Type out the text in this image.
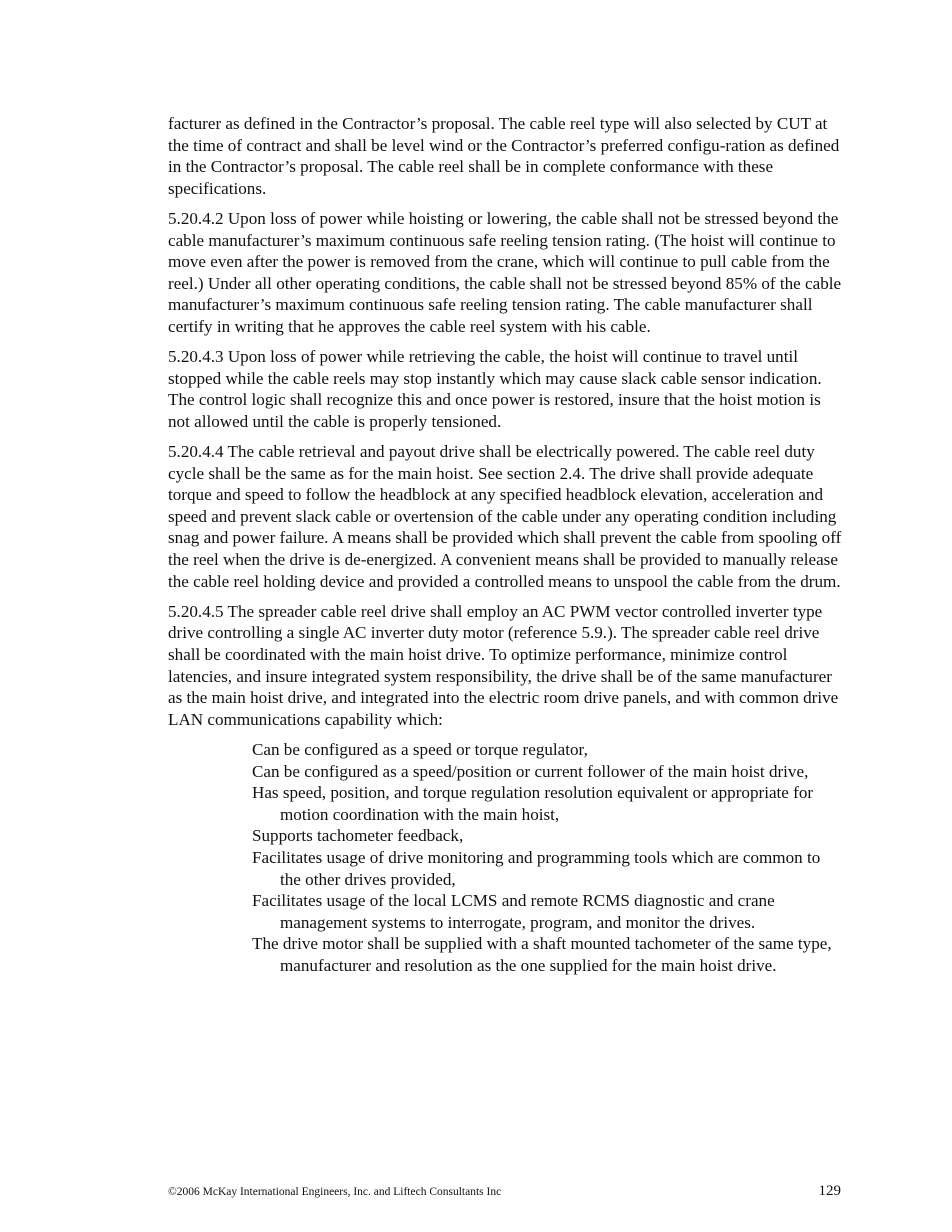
facturer as defined in the Contractor’s proposal. The cable reel type will also selected by CUT at the time of contract and shall be level wind or the Contractor’s preferred configu-ration as defined in the Contractor’s proposal. The cable reel shall be in complete conformance with these specifications.

5.20.4.2 Upon loss of power while hoisting or lowering, the cable shall not be stressed beyond the cable manufacturer’s maximum continuous safe reeling tension rating. (The hoist will continue to move even after the power is removed from the crane, which will continue to pull cable from the reel.) Under all other operating conditions, the cable shall not be stressed beyond 85% of the cable manufacturer’s maximum continuous safe reeling tension rating. The cable manufacturer shall certify in writing that he approves the cable reel system with his cable.

5.20.4.3 Upon loss of power while retrieving the cable, the hoist will continue to travel until stopped while the cable reels may stop instantly which may cause slack cable sensor indication. The control logic shall recognize this and once power is restored, insure that the hoist motion is not allowed until the cable is properly tensioned.

5.20.4.4 The cable retrieval and payout drive shall be electrically powered. The cable reel duty cycle shall be the same as for the main hoist. See section 2.4. The drive shall provide adequate torque and speed to follow the headblock at any specified headblock elevation, acceleration and speed and prevent slack cable or overtension of the cable under any operating condition including snag and power failure. A means shall be provided which shall prevent the cable from spooling off the reel when the drive is de-energized. A convenient means shall be provided to manually release the cable reel holding device and provided a controlled means to unspool the cable from the drum.

5.20.4.5 The spreader cable reel drive shall employ an AC PWM vector controlled inverter type drive controlling a single AC inverter duty motor (reference 5.9.). The spreader cable reel drive shall be coordinated with the main hoist drive. To optimize performance, minimize control latencies, and insure integrated system responsibility, the drive shall be of the same manufacturer as the main hoist drive, and integrated into the electric room drive panels, and with common drive LAN communications capability which:

Can be configured as a speed or torque regulator,
Can be configured as a speed/position or current follower of the main hoist drive,
Has speed, position, and torque regulation resolution equivalent or appropriate for motion coordination with the main hoist,
Supports tachometer feedback,
Facilitates usage of drive monitoring and programming tools which are common to the other drives provided,
Facilitates usage of the local LCMS and remote RCMS diagnostic and crane management systems to interrogate, program, and monitor the drives.
The drive motor shall be supplied with a shaft mounted tachometer of the same type, manufacturer and resolution as the one supplied for the main hoist drive.
©2006 McKay International Engineers, Inc. and Liftech Consultants Inc	129
